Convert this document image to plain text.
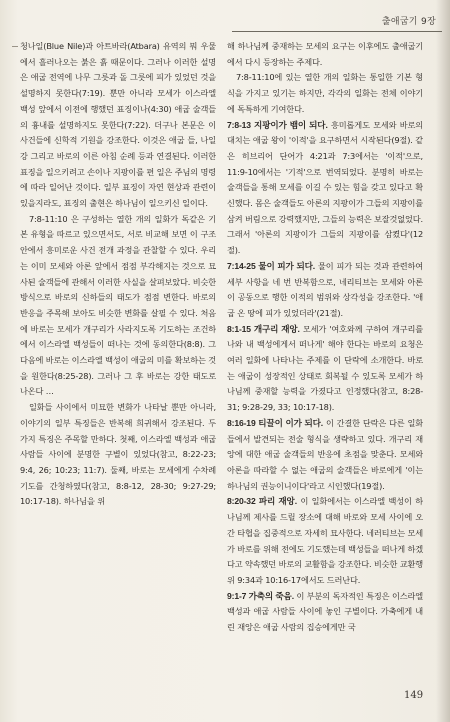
출애굽기 9장

청나일(Blue Nile)과 아트바라(Atbara) 유역의 뭐 우물에서 흘러나오는 붉은 흙 때문이다. 그러나 이러한 설명은 애굽 전역에 나무 그릇과 돌 그릇에 피가 있었던 것을 설명하지 못한다(7:19). 뿐만 아니라 모세가 이스라엘 백성 앞에서 이전에 행했던 표징이나(4:30) 애굽 술객들의 흉내를 설명하지도 못한다(7:22). 더구나 본문은 이 사건들에 신학적 기원을 강조한다. 이것은 애굽 들, 나일강 그리고 바로의 이른 아침 순례 등과 연결된다. 이러한 표징을 일으키려고 손이나 지팡이를 편 일은 주님의 명령에 따라 일어난 것이다. 일부 표징이 자연 현상과 관련이 있을지라도, 표징의 출현은 하나님이 일으키신 일이다.

7:8-11:10 은 구성하는 열한 개의 일화가 독같은 기본 유형을 따르고 있으면서도, 서로 비교해 보면 이 구조 안에서 흥미로운 사건 전개 과정을 관찰할 수 있다. 우리는 이미 모세와 아론 앞에서 점점 부각해지는 것으로 묘사된 술객들에 관해서 이러한 사실을 살펴보았다. 비슷한 방식으로 바로의 신하들의 태도가 점점 변한다. 바로의 반응을 주목해 보아도 비슷한 변화를 살필 수 있다. 처음에 바로는 모세가 개구리가 사라지도록 기도하는 조건하에서 이스라엘 백성들이 떠나는 것에 동의한다(8:8). 그 다음에 바로는 이스라엘 백성이 애굽의 미를 확보하는 것을 원한다(8:25-28). 그러나 그 후 바로는 강한 태도로 나온다 …

일화들 사이에서 미묘한 변화가 나타날 뿐만 아니라, 이야기의 일부 특징들은 반복해 희귀해서 강조된다. 두 가지 특징은 주목할 만하다. 첫째, 이스라엘 백성과 애굽 사람들 사이에 분명한 구별이 있었다(참고, 8:22-23; 9:4, 26; 10:23; 11:7). 둘째, 바로는 모세에게 수차례 기도를 간청하였다(참고, 8:8-12, 28-30; 9:27-29; 10:17-18). 하나님을 위

해 하나님께 중재하는 모세의 요구는 이후에도 출애굽기에서 다시 등장하는 주제다.

7:8-11:10에 있는 열한 개의 일화는 통일한 기본 형식을 가지고 있기는 하지만, 각각의 일화는 전체 이야기에 독특하게 기여한다.

7:8-13 지팡이가 뱀이 되다. 흥미롭게도 모세와 바로의 대치는 애굽 왕이 '이적'을 요구하면서 시작된다(9절). 같은 히브리어 단어가 4:21과 7:3에서는 '이적'으로, 11:9-10에서는 '기적'으로 번역되었다. 분명히 바로는 술객들을 통해 모세를 이길 수 있는 힘을 갖고 있다고 확신했다. 몸은 술객들도 아론의 지팡이가 그들의 지팡이를 삼켜 버림으로 강력했지만, 그들의 능력은 보잘것없었다. 그래서 '아론의 지팡이가 그들의 지팡이를 삼켰다'(12절).

7:14-25 물이 피가 되다. 물이 피가 되는 것과 관련하여 세부 사항을 네 번 반복함으로, 네리티브는 모세와 아론이 공동으로 행한 이적의 범위와 상각성을 강조한다. '애굽 온 땅에 피가 있었더라'(21절).

8:1-15 개구리 재앙. 모세가 '여호와께 구하여 개구리를 나와 내 백성에게서 떠나게' 해야 한다는 바로의 요청은 여러 일화에 나타나는 주제를 이 단락에 소개한다. 바로는 애굽이 성장적인 상태로 회복될 수 있도록 모세가 하나님께 중재할 능력을 가졌다고 인정했다(참고, 8:28-31; 9:28-29, 33; 10:17-18).

8:16-19 티끌이 이가 되다. 이 간결한 단락은 다른 일화들에서 발견되는 전술 형식을 생략하고 있다. 개구리 재앙에 대한 애굽 술객들의 반응에 초점을 맞춘다. 모세와 아론을 따라할 수 없는 애굽의 술객들은 바로에게 '이는 하나님의 권능이니이다'라고 시인했다(19절).

8:20-32 파리 재앙. 이 일화에서는 이스라엘 백성이 하나님께 제사를 드릴 장소에 대해 바로와 모세 사이에 오간 타협을 집중적으로 자세히 묘사한다. 네러티브는 모세가 바로를 위해 전에도 기도했는데 백성들을 떠나게 하겠다고 약속했던 바로의 교활함을 강조한다. 비슷한 교환행위 9:34과 10:16-17에서도 드러난다.

9:1-7 가축의 죽음. 이 부분의 독자적인 특징은 이스라엘 백성과 애굽 사람들 사이에 놓인 구별이다. 가축에게 내린 재앙은 애굽 사람의 집승에게만 국

149
